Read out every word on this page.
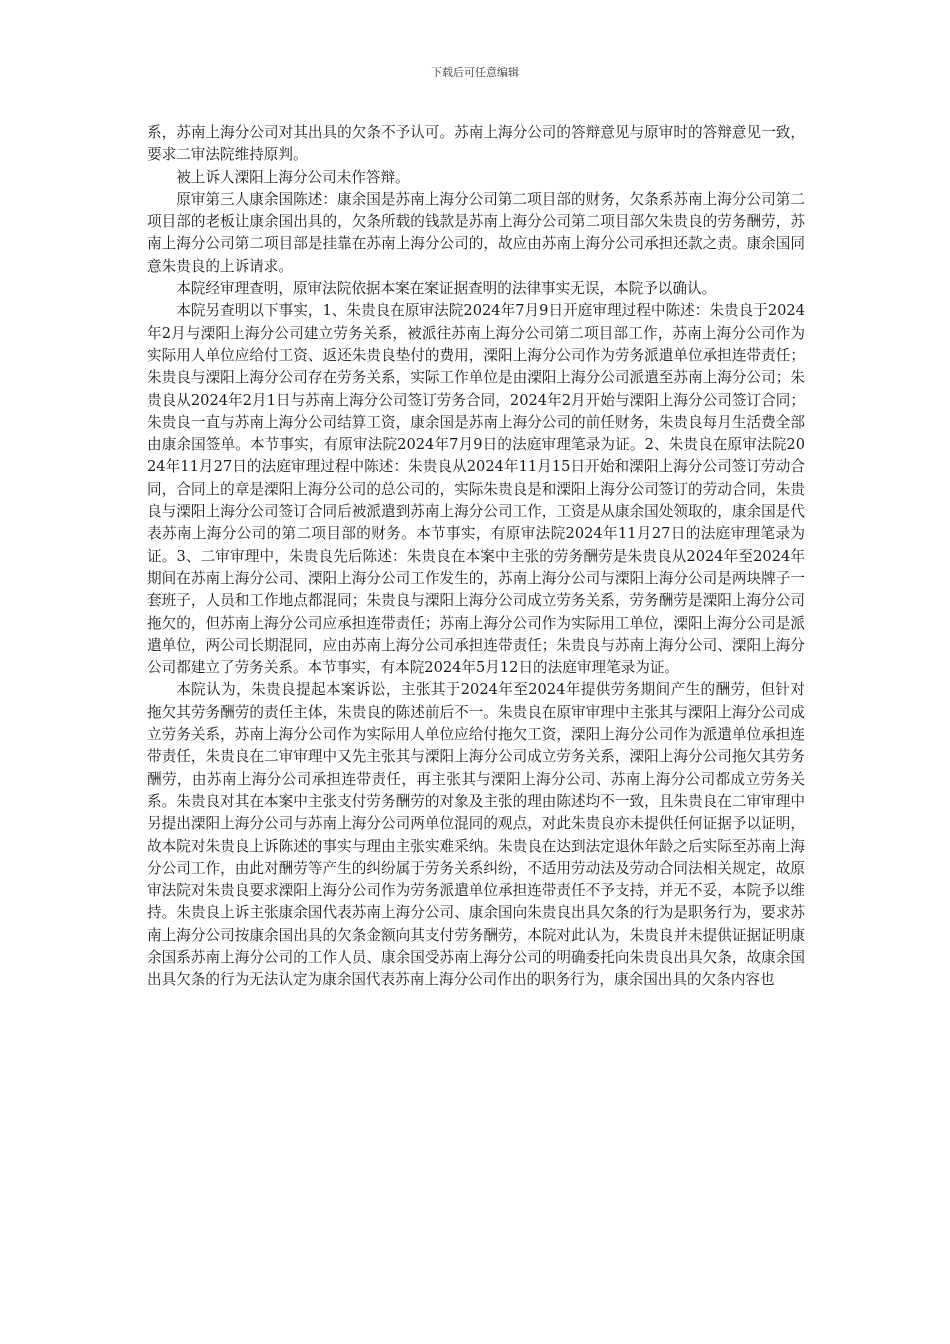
下载后可任意编辑

系，苏南上海分公司对其出具的欠条不予认可。苏南上海分公司的答辩意见与原审时的答辩意见一致，要求二审法院维持原判。

被上诉人溧阳上海分公司未作答辩。

原审第三人康余国陈述：康余国是苏南上海分公司第二项目部的财务，欠条系苏南上海分公司第二项目部的老板让康余国出具的，欠条所载的钱款是苏南上海分公司第二项目部欠朱贵良的劳务酬劳，苏南上海分公司第二项目部是挂靠在苏南上海分公司的，故应由苏南上海分公司承担还款之责。康余国同意朱贵良的上诉请求。

本院经审理查明，原审法院依据本案在案证据查明的法律事实无误，本院予以确认。

本院另查明以下事实，1、朱贵良在原审法院2024年7月9日开庭审理过程中陈述：朱贵良于2024年2月与溧阳上海分公司建立劳务关系，被派往苏南上海分公司第二项目部工作，苏南上海分公司作为实际用人单位应给付工资、返还朱贵良垫付的费用，溧阳上海分公司作为劳务派遣单位承担连带责任；朱贵良与溧阳上海分公司存在劳务关系，实际工作单位是由溧阳上海分公司派遣至苏南上海分公司；朱贵良从2024年2月1日与苏南上海分公司签订劳务合同，2024年2月开始与溧阳上海分公司签订合同；朱贵良一直与苏南上海分公司结算工资，康余国是苏南上海分公司的前任财务，朱贵良每月生活费全部由康余国签单。本节事实，有原审法院2024年7月9日的法庭审理笔录为证。2、朱贵良在原审法院2024年11月27日的法庭审理过程中陈述：朱贵良从2024年11月15日开始和溧阳上海分公司签订劳动合同，合同上的章是溧阳上海分公司的总公司的，实际朱贵良是和溧阳上海分公司签订的劳动合同，朱贵良与溧阳上海分公司签订合同后被派遣到苏南上海分公司工作，工资是从康余国处领取的，康余国是代表苏南上海分公司的第二项目部的财务。本节事实，有原审法院2024年11月27日的法庭审理笔录为证。3、二审审理中，朱贵良先后陈述：朱贵良在本案中主张的劳务酬劳是朱贵良从2024年至2024年期间在苏南上海分公司、溧阳上海分公司工作发生的，苏南上海分公司与溧阳上海分公司是两块牌子一套班子，人员和工作地点都混同；朱贵良与溧阳上海分公司成立劳务关系，劳务酬劳是溧阳上海分公司拖欠的，但苏南上海分公司应承担连带责任；苏南上海分公司作为实际用工单位，溧阳上海分公司是派遣单位，两公司长期混同，应由苏南上海分公司承担连带责任；朱贵良与苏南上海分公司、溧阳上海分公司都建立了劳务关系。本节事实，有本院2024年5月12日的法庭审理笔录为证。

本院认为，朱贵良提起本案诉讼，主张其于2024年至2024年提供劳务期间产生的酬劳，但针对拖欠其劳务酬劳的责任主体，朱贵良的陈述前后不一。朱贵良在原审审理中主张其与溧阳上海分公司成立劳务关系，苏南上海分公司作为实际用人单位应给付拖欠工资，溧阳上海分公司作为派遣单位承担连带责任，朱贵良在二审审理中又先主张其与溧阳上海分公司成立劳务关系，溧阳上海分公司拖欠其劳务酬劳，由苏南上海分公司承担连带责任，再主张其与溧阳上海分公司、苏南上海分公司都成立劳务关系。朱贵良对其在本案中主张支付劳务酬劳的对象及主张的理由陈述均不一致，且朱贵良在二审审理中另提出溧阳上海分公司与苏南上海分公司两单位混同的观点，对此朱贵良亦未提供任何证据予以证明，故本院对朱贵良上诉陈述的事实与理由主张实难采纳。朱贵良在达到法定退休年龄之后实际至苏南上海分公司工作，由此对酬劳等产生的纠纷属于劳务关系纠纷，不适用劳动法及劳动合同法相关规定，故原审法院对朱贵良要求溧阳上海分公司作为劳务派遣单位承担连带责任不予支持，并无不妥，本院予以维持。朱贵良上诉主张康余国代表苏南上海分公司、康余国向朱贵良出具欠条的行为是职务行为，要求苏南上海分公司按康余国出具的欠条金额向其支付劳务酬劳，本院对此认为，朱贵良并未提供证据证明康余国系苏南上海分公司的工作人员、康余国受苏南上海分公司的明确委托向朱贵良出具欠条，故康余国出具欠条的行为无法认定为康余国代表苏南上海分公司作出的职务行为，康余国出具的欠条内容也
